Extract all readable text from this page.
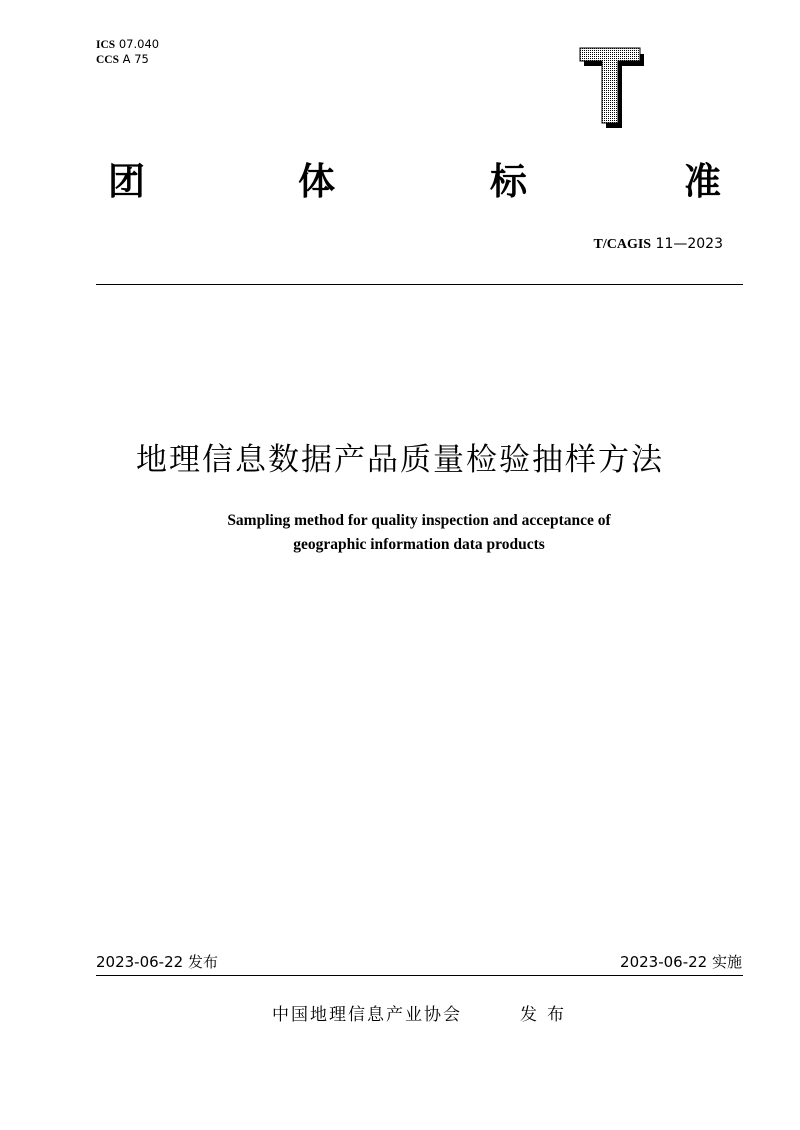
ICS 07.040
CCS A 75
团	体	标	准
T/CAGIS 11—2023
地理信息数据产品质量检验抽样方法
Sampling method for quality inspection and acceptance of
geographic information data products
2023-06-22 发布	2023-06-22 实施
中国地理信息产业协会	发布
